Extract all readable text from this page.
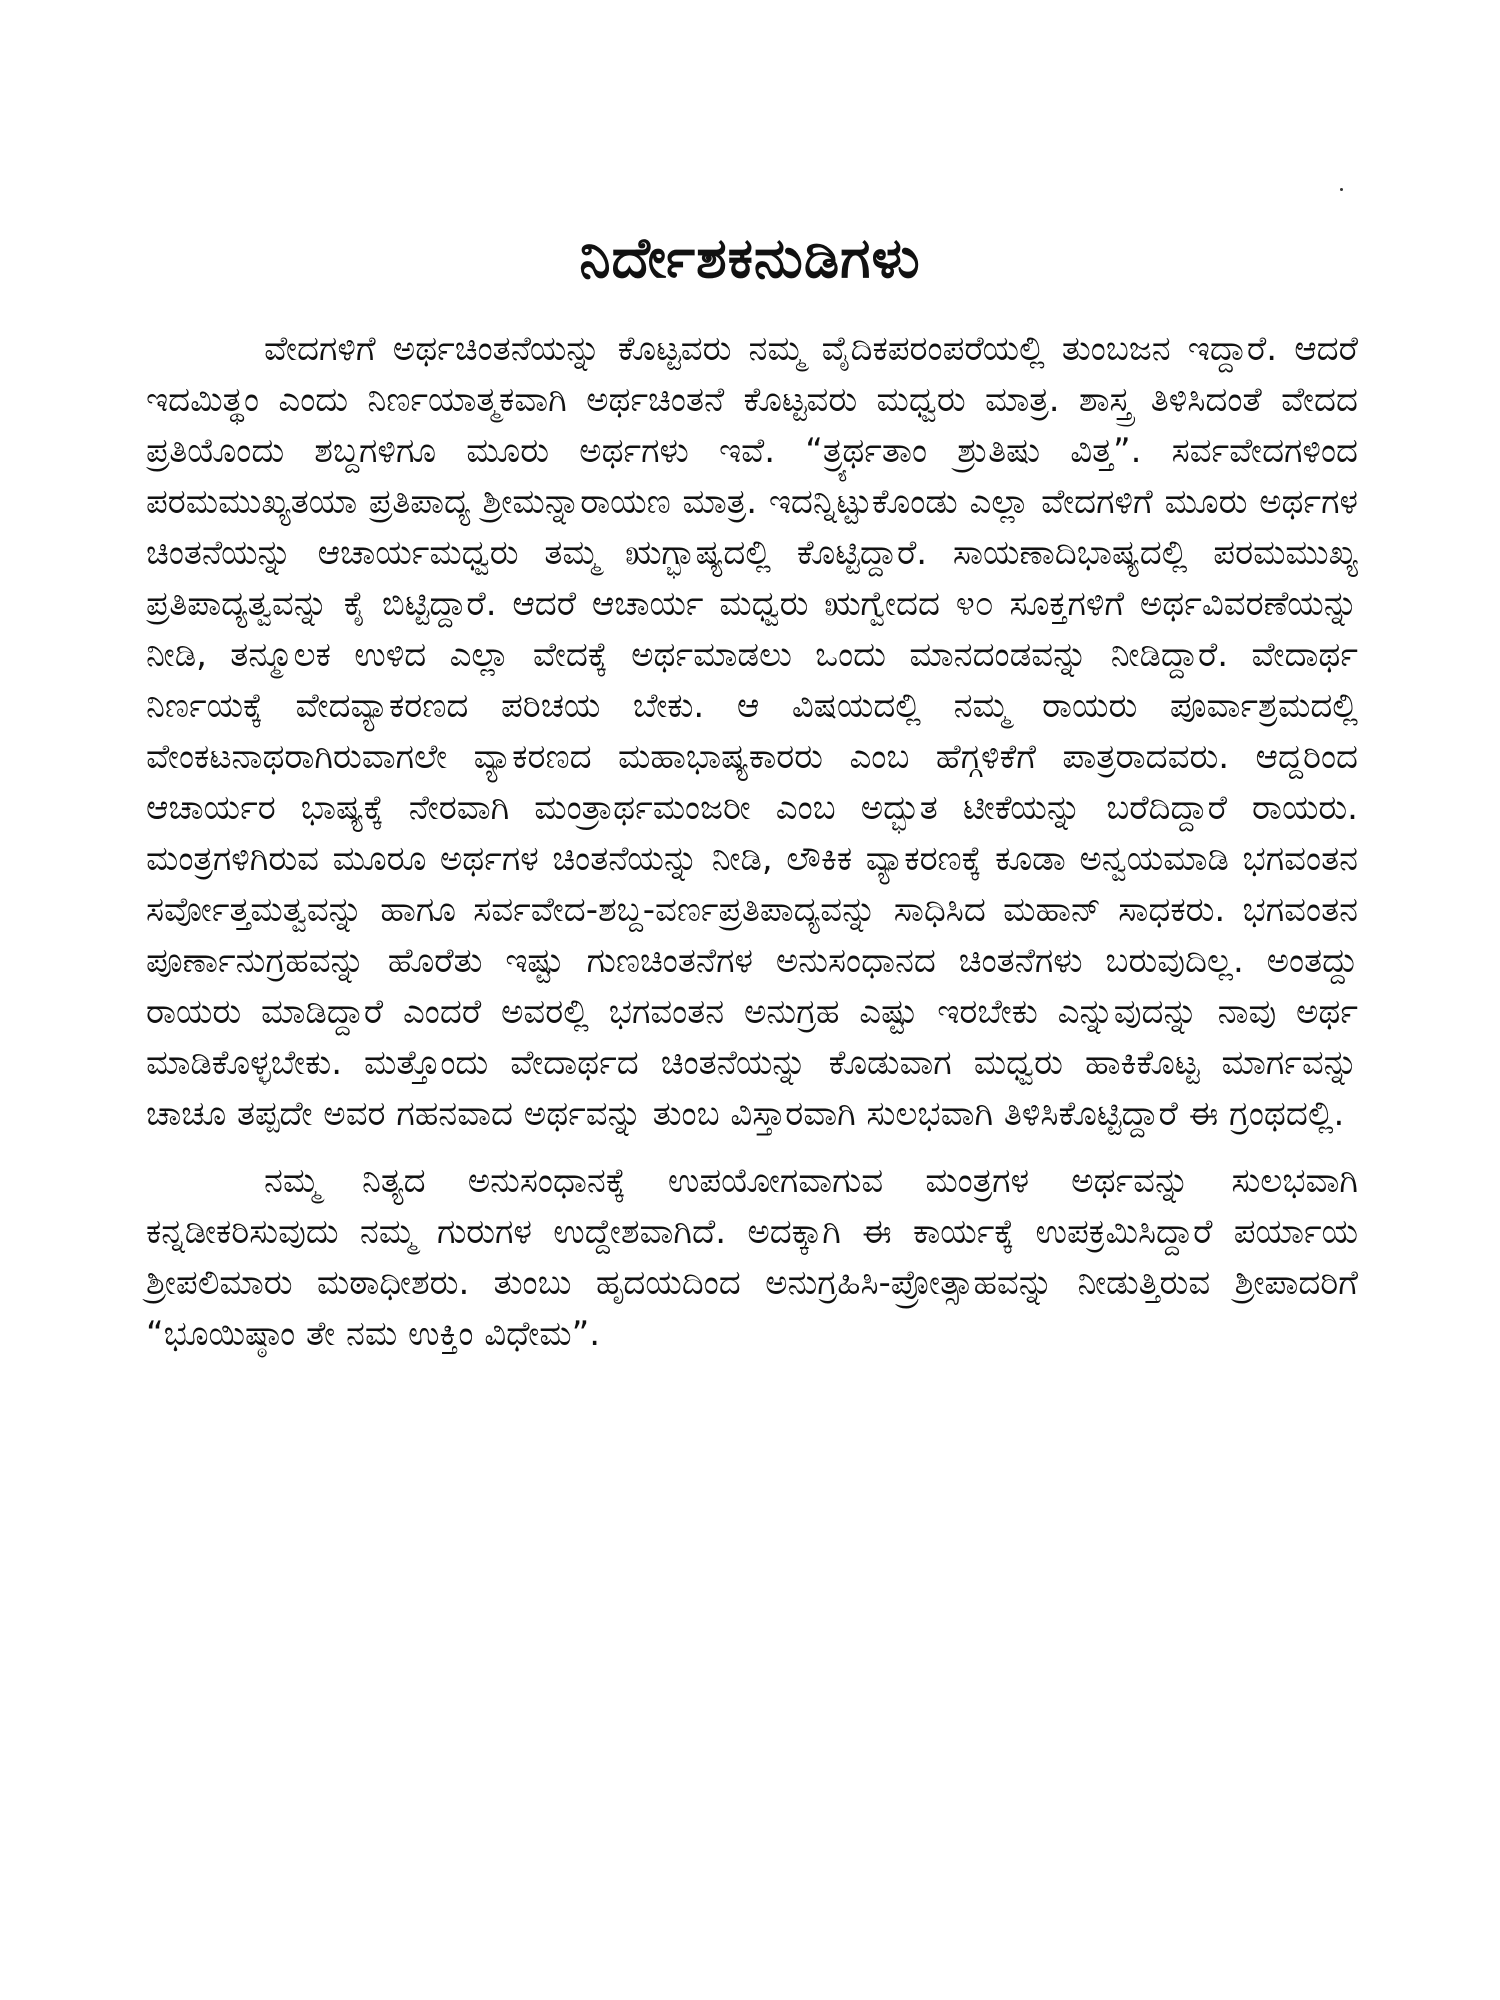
ನಿರ್ದೇಶಕನುಡಿಗಳು

ವೇದಗಳಿಗೆ ಅರ್ಥಚಿಂತನೆಯನ್ನು ಕೊಟ್ಟವರು ನಮ್ಮ ವೈದಿಕಪರಂಪರೆಯಲ್ಲಿ ತುಂಬಜನ ಇದ್ದಾರೆ. ಆದರೆ ಇದಮಿತ್ಥಂ ಎಂದು ನಿರ್ಣಯಾತ್ಮಕವಾಗಿ ಅರ್ಥಚಿಂತನೆ ಕೊಟ್ಟವರು ಮಧ್ವರು ಮಾತ್ರ. ಶಾಸ್ತ್ರ ತಿಳಿಸಿದಂತೆ ವೇದದ ಪ್ರತಿಯೊಂದು ಶಬ್ದಗಳಿಗೂ ಮೂರು ಅರ್ಥಗಳು ಇವೆ. “ತ್ರ್ಯರ್ಥತಾಂ ಶ್ರುತಿಷು ವಿತ್ತ”. ಸರ್ವವೇದಗಳಿಂದ ಪರಮಮುಖ್ಯತಯಾ ಪ್ರತಿಪಾದ್ಯ ಶ್ರೀಮನ್ನಾರಾಯಣ ಮಾತ್ರ. ಇದನ್ನಿಟ್ಟುಕೊಂಡು ಎಲ್ಲಾ ವೇದಗಳಿಗೆ ಮೂರು ಅರ್ಥಗಳ ಚಿಂತನೆಯನ್ನು ಆಚಾರ್ಯಮಧ್ವರು ತಮ್ಮ ಋಗ್ಭಾಷ್ಯದಲ್ಲಿ ಕೊಟ್ಟಿದ್ದಾರೆ. ಸಾಯಣಾದಿಭಾಷ್ಯದಲ್ಲಿ ಪರಮಮುಖ್ಯ ಪ್ರತಿಪಾದ್ಯತ್ವವನ್ನು ಕೈ ಬಿಟ್ಟಿದ್ದಾರೆ. ಆದರೆ ಆಚಾರ್ಯ ಮಧ್ವರು ಋಗ್ವೇದದ ೪೦ ಸೂಕ್ತಗಳಿಗೆ ಅರ್ಥವಿವರಣೆಯನ್ನು ನೀಡಿ, ತನ್ಮೂಲಕ ಉಳಿದ ಎಲ್ಲಾ ವೇದಕ್ಕೆ ಅರ್ಥಮಾಡಲು ಒಂದು ಮಾನದಂಡವನ್ನು ನೀಡಿದ್ದಾರೆ. ವೇದಾರ್ಥ ನಿರ್ಣಯಕ್ಕೆ ವೇದವ್ಯಾಕರಣದ ಪರಿಚಯ ಬೇಕು. ಆ ವಿಷಯದಲ್ಲಿ ನಮ್ಮ ರಾಯರು ಪೂರ್ವಾಶ್ರಮದಲ್ಲಿ ವೇಂಕಟನಾಥರಾಗಿರುವಾಗಲೇ ವ್ಯಾಕರಣದ ಮಹಾಭಾಷ್ಯಕಾರರು ಎಂಬ ಹೆಗ್ಗಳಿಕೆಗೆ ಪಾತ್ರರಾದವರು. ಆದ್ದರಿಂದ ಆಚಾರ್ಯರ ಭಾಷ್ಯಕ್ಕೆ ನೇರವಾಗಿ ಮಂತ್ರಾರ್ಥಮಂಜರೀ ಎಂಬ ಅದ್ಭುತ ಟೀಕೆಯನ್ನು ಬರೆದಿದ್ದಾರೆ ರಾಯರು. ಮಂತ್ರಗಳಿಗಿರುವ ಮೂರೂ ಅರ್ಥಗಳ ಚಿಂತನೆಯನ್ನು ನೀಡಿ, ಲೌಕಿಕ ವ್ಯಾಕರಣಕ್ಕೆ ಕೂಡಾ ಅನ್ವಯಮಾಡಿ ಭಗವಂತನ ಸರ್ವೋತ್ತಮತ್ವವನ್ನು ಹಾಗೂ ಸರ್ವವೇದ-ಶಬ್ದ-ವರ್ಣಪ್ರತಿಪಾದ್ಯವನ್ನು ಸಾಧಿಸಿದ ಮಹಾನ್ ಸಾಧಕರು. ಭಗವಂತನ ಪೂರ್ಣಾನುಗ್ರಹವನ್ನು ಹೊರೆತು ಇಷ್ಟು ಗುಣಚಿಂತನೆಗಳ ಅನುಸಂಧಾನದ ಚಿಂತನೆಗಳು ಬರುವುದಿಲ್ಲ. ಅಂತದ್ದು ರಾಯರು ಮಾಡಿದ್ದಾರೆ ಎಂದರೆ ಅವರಲ್ಲಿ ಭಗವಂತನ ಅನುಗ್ರಹ ಎಷ್ಟು ಇರಬೇಕು ಎನ್ನುವುದನ್ನು ನಾವು ಅರ್ಥ ಮಾಡಿಕೊಳ್ಳಬೇಕು. ಮತ್ತೊಂದು ವೇದಾರ್ಥದ ಚಿಂತನೆಯನ್ನು ಕೊಡುವಾಗ ಮಧ್ವರು ಹಾಕಿಕೊಟ್ಟ ಮಾರ್ಗವನ್ನು ಚಾಚೂ ತಪ್ಪದೇ ಅವರ ಗಹನವಾದ ಅರ್ಥವನ್ನು ತುಂಬ ವಿಸ್ತಾರವಾಗಿ ಸುಲಭವಾಗಿ ತಿಳಿಸಿಕೊಟ್ಟಿದ್ದಾರೆ ಈ ಗ್ರಂಥದಲ್ಲಿ.

ನಮ್ಮ ನಿತ್ಯದ ಅನುಸಂಧಾನಕ್ಕೆ ಉಪಯೋಗವಾಗುವ ಮಂತ್ರಗಳ ಅರ್ಥವನ್ನು ಸುಲಭವಾಗಿ ಕನ್ನಡೀಕರಿಸುವುದು ನಮ್ಮ ಗುರುಗಳ ಉದ್ದೇಶವಾಗಿದೆ. ಅದಕ್ಕಾಗಿ ಈ ಕಾರ್ಯಕ್ಕೆ ಉಪಕ್ರಮಿಸಿದ್ದಾರೆ ಪರ್ಯಾಯ ಶ್ರೀಪಲಿಮಾರು ಮಠಾಧೀಶರು. ತುಂಬು ಹೃದಯದಿಂದ ಅನುಗ್ರಹಿಸಿ-ಪ್ರೋತ್ಸಾಹವನ್ನು ನೀಡುತ್ತಿರುವ ಶ್ರೀಪಾದರಿಗೆ “ಭೂಯಿಷ್ಠಾಂ ತೇ ನಮ ಉಕ್ತಿಂ ವಿಧೇಮ”.
